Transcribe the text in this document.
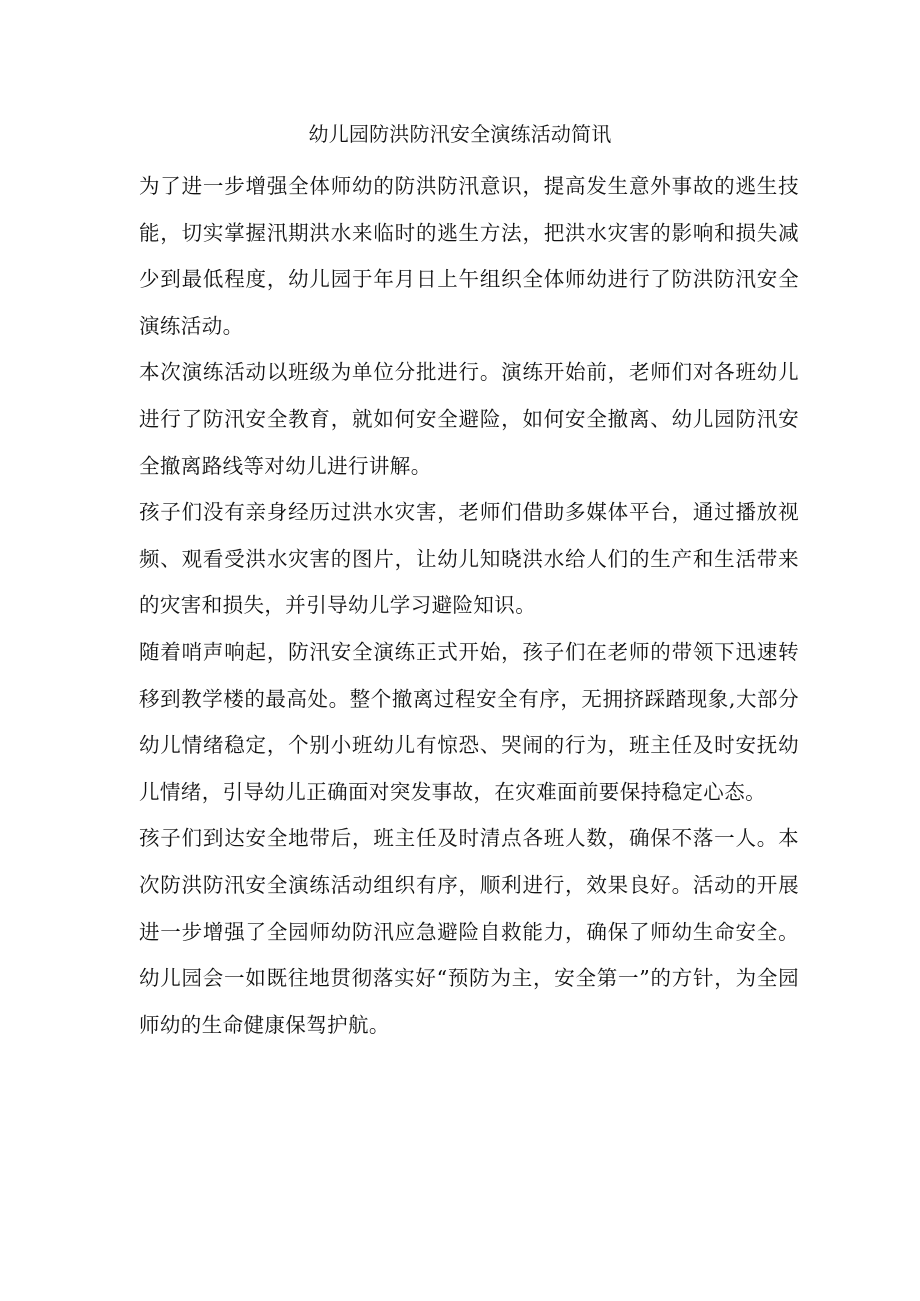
幼儿园防洪防汛安全演练活动简讯

为了进一步增强全体师幼的防洪防汛意识，提高发生意外事故的逃生技能，切实掌握汛期洪水来临时的逃生方法，把洪水灾害的影响和损失减少到最低程度，幼儿园于年月日上午组织全体师幼进行了防洪防汛安全演练活动。

本次演练活动以班级为单位分批进行。演练开始前，老师们对各班幼儿进行了防汛安全教育，就如何安全避险，如何安全撤离、幼儿园防汛安全撤离路线等对幼儿进行讲解。

孩子们没有亲身经历过洪水灾害，老师们借助多媒体平台，通过播放视频、观看受洪水灾害的图片，让幼儿知晓洪水给人们的生产和生活带来的灾害和损失，并引导幼儿学习避险知识。

随着哨声响起，防汛安全演练正式开始，孩子们在老师的带领下迅速转移到教学楼的最高处。整个撤离过程安全有序，无拥挤踩踏现象,大部分幼儿情绪稳定，个别小班幼儿有惊恐、哭闹的行为，班主任及时安抚幼儿情绪，引导幼儿正确面对突发事故，在灾难面前要保持稳定心态。

孩子们到达安全地带后，班主任及时清点各班人数，确保不落一人。本次防洪防汛安全演练活动组织有序，顺利进行，效果良好。活动的开展进一步增强了全园师幼防汛应急避险自救能力，确保了师幼生命安全。幼儿园会一如既往地贯彻落实好“预防为主，安全第一”的方针，为全园师幼的生命健康保驾护航。
